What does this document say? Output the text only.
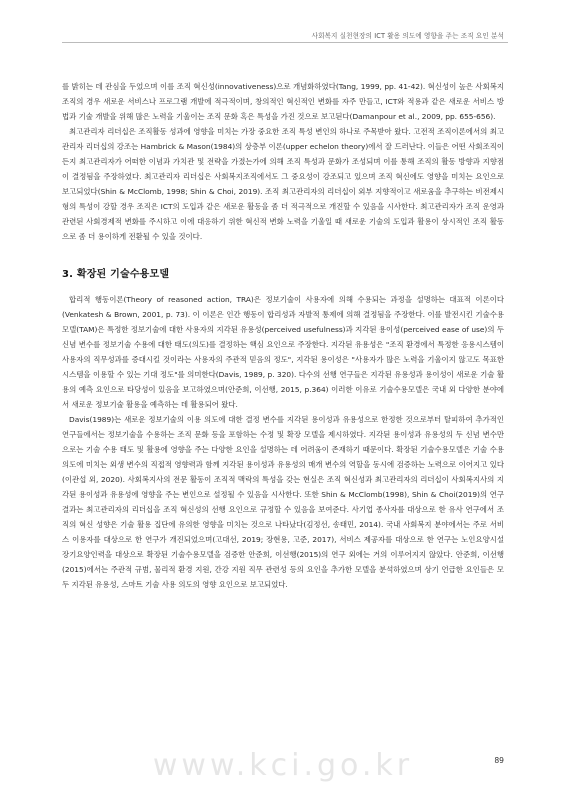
사회복지 실천현장의 ICT 활용 의도에 영향을 주는 조직 요인 분석

를 밝히는 데 관심을 두었으며 이를 조직 혁신성(innovativeness)으로 개념화하였다(Tang, 1999, pp. 41-42). 혁신성이 높은 사회복지조직의 경우 새로운 서비스나 프로그램 개발에 적극적이며, 창의적인 혁신적인 변화를 자주 만들고, ICT와 적용과 같은 새로운 서비스 방법과 기술 개발을 위해 많은 노력을 기울이는 조직 문화 혹은 특성을 가진 것으로 보고된다(Damanpour et al., 2009, pp. 655-656).

최고관리자 리더십은 조직활동 성과에 영향을 미치는 가장 중요한 조직 특성 변인의 하나로 주목받아 왔다. 고전적 조직이론에서의 최고관리자 리더십의 강조는 Hambrick & Mason(1984)의 상층부 이론(upper echelon theory)에서 잘 드러난다. 이들은 어떤 사회조직이든지 최고관리자가 어떠한 이념과 가치관 및 전략을 가졌는가에 의해 조직 특성과 문화가 조성되며 이를 통해 조직의 활동 방향과 지향점이 결정됨을 주장하였다. 최고관리자 리더십은 사회복지조직에서도 그 중요성이 강조되고 있으며 조직 혁신에도 영향을 미치는 요인으로 보고되었다(Shin & McClomb, 1998; Shin & Choi, 2019). 조직 최고관리자의 리더십이 외부 지향적이고 새로움을 추구하는 비전제시형의 특성이 강할 경우 조직은 ICT의 도입과 같은 새로운 활동을 좀 더 적극적으로 개진할 수 있음을 시사한다. 최고관리자가 조직 운영과 관련된 사회경제적 변화를 주시하고 이에 대응하기 위한 혁신적 변화 노력을 기울일 때 새로운 기술의 도입과 활용이 상시적인 조직 활동으로 좀 더 용이하게 전환될 수 있을 것이다.

3. 확장된 기술수용모델

합리적 행동이론(Theory of reasoned action, TRA)은 정보기술이 사용자에 의해 수용되는 과정을 설명하는 대표적 이론이다(Venkatesh & Brown, 2001, p. 73). 이 이론은 인간 행동이 합리성과 자발적 통제에 의해 결정됨을 주장한다. 이를 발전시킨 기술수용모델(TAM)은 특정한 정보기술에 대한 사용자의 지각된 유용성(perceived usefulness)과 지각된 용이성(perceived ease of use)의 두 신념 변수를 정보기술 수용에 대한 태도(의도)를 결정하는 핵심 요인으로 주장한다. 지각된 유용성은 "조직 환경에서 특정한 응용시스템이 사용자의 직무성과를 증대시킬 것이라는 사용자의 주관적 믿음의 정도", 지각된 용이성은 "사용자가 많은 노력을 기울이지 않고도 목표한 시스템을 이용할 수 있는 기대 정도"를 의미한다(Davis, 1989, p. 320). 다수의 선행 연구들은 지각된 유용성과 용이성이 새로운 기술 활용의 예측 요인으로 타당성이 있음을 보고하였으며(안준희, 이선행, 2015, p.364) 이러한 이유로 기술수용모델은 국내 외 다양한 분야에서 새로운 정보기술 활용을 예측하는 데 활용되어 왔다.

Davis(1989)는 새로운 정보기술의 이용 의도에 대한 결정 변수를 지각된 용이성과 유용성으로 한정한 것으로부터 탈피하여 추가적인 연구들에서는 정보기술을 수용하는 조직 문화 등을 포함하는 수정 및 확장 모델을 제시하였다. 지각된 용이성과 유용성의 두 신념 변수만으로는 기술 수용 태도 및 활용에 영향을 주는 다양한 요인을 설명하는 데 어려움이 존재하기 때문이다. 확장된 기술수용모델은 기술 수용 의도에 미치는 외생 변수의 직접적 영향력과 함께 지각된 용이성과 유용성의 매개 변수의 역할을 동시에 검증하는 노력으로 이어지고 있다(이관섭 외, 2020). 사회복지사의 전문 활동이 조직적 맥락의 특성을 갖는 현실은 조직 혁신성과 최고관리자의 리더십이 사회복지사의 지각된 용이성과 유용성에 영향을 주는 변인으로 설정될 수 있음을 시사한다. 또한 Shin & McClomb(1998), Shin & Choi(2019)의 연구 결과는 최고관리자의 리더십을 조직 혁신성의 선행 요인으로 규정할 수 있음을 보여준다. 사기업 종사자를 대상으로 한 유사 연구에서 조직의 혁신 성향은 기술 활용 집단에 유의한 영향을 미치는 것으로 나타났다(김정선, 송태민, 2014). 국내 사회복지 분야에서는 주로 서비스 이용자를 대상으로 한 연구가 개진되었으며(고대선, 2019; 장현용, 고준, 2017), 서비스 제공자를 대상으로 한 연구는 노인요양시설 장기요양인력을 대상으로 확장된 기술수용모델을 검증한 안준희, 이선행(2015)의 연구 외에는 거의 이루어지지 않았다. 안준희, 이선행(2015)에서는 주관적 규범, 물리적 환경 지원, 간강 지원 직무 관련성 등의 요인을 추가한 모델을 분석하였으며 상기 언급한 요인들은 모두 지각된 유용성, 스마트 기술 사용 의도의 영향 요인으로 보고되었다.

www.kci.go.kr	89
